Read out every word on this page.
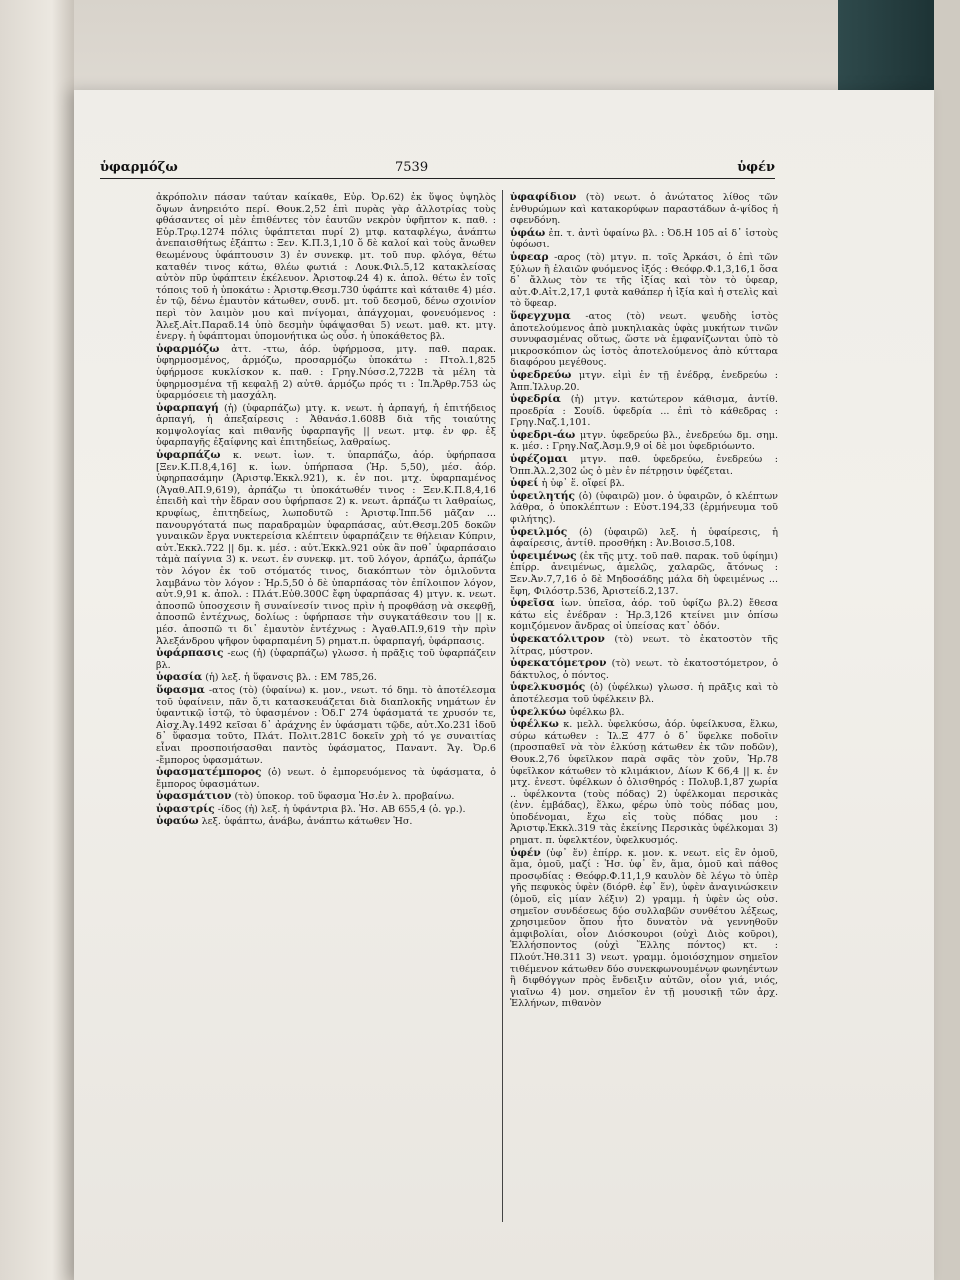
ὑφαρμόζω	7539	ὑφέν

ἀκρόπολιν πάσαν ταύταν καίκαθε, Εὐρ. Ὀρ.62) ἐκ ὕψος ὑψηλὸς ὄψων ἀνηρειότο περί. Θουκ.2,52 ἐπὶ πυρὰς γὰρ ἀλλοτρίας τοὺς φθάσαντες οἱ μὲν ἐπιθέντες τὸν ἑαυτῶν νεκρὸν ὑφῆπτον κ. παθ. : Εὐρ.Τρῳ.1274 πόλις ὑφάπτεται πυρί 2) μτφ. καταφλέγω, ἀνάπτω ἀνεπαισθήτως ἐξάπτω : Ξεν. Κ.Π.3,1,10 ὅ δὲ καλοί καὶ τοὺς ἄνωθεν θεωμένους ὑφάπτουσιν 3) ἐν συνεκφ. μτ. τοῦ πυρ. φλόγα, θέτω καταθέν τινος κάτω, θλέω φωτιά : Λουκ.Φιλ.5,12 κατακλείσας αὐτὸν πῦρ ὑφάπτειν ἐκέλευον. Ἀριστοφ.24 4) κ. ἀπολ. θέτω ἐν τοῖς τόποις τοῦ ἡ ὑποκάτω : Ἀριστφ.Θεσμ.730 ὑφάπτε καὶ κάταιθε 4) μέσ. ἐν τῷ, δένω ἐμαυτὸν κάτωθεν, συνδ. μτ. τοῦ δεσμοῦ, δένω σχοινίον περὶ τὸν λαιμὸν μου καὶ πνίγομαι, ἀπάγχομαι, φονευόμενος : Ἀλεξ.Αἰτ.Παραδ.14 ὑπὸ δεσμὴν ὑφάψασθαι 5) νεωτ. μαθ. κτ. μτγ. ἐνεργ. ἡ ὑφάπτομαι ὑπομονήτικα ὡς οὖσ. ἡ ὑποκάθετος βλ.

ὑφαρμόζω ἀττ. -ττω, ἀόρ. ὑφήρμοσα, μτγ. παθ. παρακ. ὑφηρμοσμένος, ἁρμόζω, προσαρμόζω ὑποκάτω : Πτολ.1,825 ὑφήρμοσε κυκλίσκον κ. παθ. : Γρηγ.Νύσσ.2,722Β τὰ μέλη τὰ ὑφηρμοσμένα τῇ κεφαλῇ 2) αὐτθ. ἁρμόζω πρός τι : Ἱπ.Ἄρθρ.753 ὡς ὑφαρμόσειε τὴ μασχάλη.

ὑφαρπαγή (ἡ) (ὑφαρπάζω) μτγ. κ. νεωτ. ἡ ἁρπαγή, ἡ ἐπιτήδειος ἁρπαγή, ἡ ἀπεξαίρεσις : Ἀθανάσ.1.608Β διὰ τῆς τοιαύτης κομψολογίας καὶ πιθανῆς ὑφαρπαγῆς || νεωτ. μτφ. ἐν φρ. ἐξ ὑφαρπαγῆς ἐξαίφνης καὶ ἐπιτηδείως, λαθραίως.

ὑφαρπάζω κ. νεωτ. ἰων. τ. ὑπαρπάζω, ἀόρ. ὑφήρπασα [Ξεν.Κ.Π.8,4,16] κ. ἰων. ὑπήρπασα (Ἡρ. 5,50), μέσ. ἀόρ. ὑφηρπασάμην (Ἀριστφ.Ἐκκλ.921), κ. ἐν ποι. μτχ. ὑφαρπαμένος (Ἀγαθ.ΑΠ.9,619), ἀρπάζω τι ὑποκάτωθέν τινος : Ξεν.Κ.Π.8,4,16 ἐπειδὴ καὶ τὴν ἕδραν σου ὑφήρπασε 2) κ. νεωτ. ἁρπάζω τι λαθραίως, κρυφίως, ἐπιτηδείως, λωποδυτῶ : Ἀριστφ.Ἱππ.56 μᾶζαν ... πανουργότατά πως παραδραμὼν ὑφαρπάσας, αὐτ.Θεσμ.205 δοκῶν γυναικῶν ἔργα νυκτερείσια κλέπτειν ὑφαρπάζειν τε θήλειαν Κύπριν, αὐτ.Ἐκκλ.722 || δμ. κ. μέσ. : αὐτ.Ἐκκλ.921 οὐκ ἂν ποθ᾽ ὑφαρπάσαιο τἀμὰ παίγνια 3) κ. νεωτ. ἐν συνεκφ. μτ. τοῦ λόγον, ἁρπάζω, ἁρπάζω τὸν λόγον ἐκ τοῦ στόματός τινος, διακόπτων τὸν ὁμιλοῦντα λαμβάνω τὸν λόγον : Ἡρ.5,50 ὁ δὲ ὑπαρπάσας τὸν ἐπίλοιπον λόγον, αὐτ.9,91 κ. ἀπολ. : Πλάτ.Εὐθ.300C ἔφη ὑφαρπάσας 4) μτγν. κ. νεωτ. ἀποσπῶ ὑποσχεσιν ἢ συναίνεσίν τινος πρὶν ἡ προφθάσῃ νὰ σκεφθῇ, ἀποσπῶ ἐντέχνως, δολίως : ὑφήρπασε τὴν συγκατάθεσιν του || κ. μέσ. ἀποσπῶ τι δι᾽ ἐμαυτὸν ἐντέχνως : Ἀγαθ.ΑΠ.9,619 τὴν πρὶν Ἀλεξάνδρου ψῆφον ὑφαρπαμένη 5) ρηματ.π. ὑφαρπαγή, ὑφάρπασις.

ὑφάρπασις -εως (ἡ) (ὑφαρπάζω) γλωσσ. ἡ πρᾶξις τοῦ ὑφαρπάζειν βλ.

ὑφασία (ἡ) λεξ. ἡ ὕφανσις βλ. : ΕΜ 785,26.

ὕφασμα -ατος (τὸ) (ὑφαίνω) κ. μον., νεωτ. τό δημ. τὸ ἀποτέλεσμα τοῦ ὑφαίνειν, πᾶν ὅ,τι κατασκευάζεται διὰ διαπλοκῆς νημάτων ἐν ὑφαντικῷ ἱστῷ, τὸ ὑφασμένον : Ὀδ.Γ 274 ὑφάσματά τε χρυσόν τε, Αἰσχ.Ἀγ.1492 κεῖσαι δ᾽ ἀράχνης ἐν ὑφάσματι τῷδε, αὐτ.Χο.231 ἰδοῦ δ᾽ ὕφασμα τοῦτο, Πλάτ. Πολιτ.281C δοκεῖν χρὴ τό γε συναιτίας εἶναι προσποιήσασθαι παντὸς ὑφάσματος, Παναντ. Ἄγ. Ὀρ.6 -ἔμπορος ὑφασμάτων.

ὑφασματέμπορος (ὁ) νεωτ. ὁ ἐμπορευόμενος τὰ ὑφάσματα, ὁ ἔμπορος ὑφασμάτων.

ὑφασμάτιον (τὸ) ὑποκορ. τοῦ ὕφασμα Ἡσ.ἐν λ. προβαίνω.

ὑφαστρίς -ίδος (ἡ) λεξ. ἡ ὑφάντρια βλ. Ἡσ. ΑΒ 655,4 (ὁ. γρ.).

ὑφαύω λεξ. ὑφάπτω, ἀνάβω, ἀνάπτω κάτωθεν Ἡσ.

ὑφαφίδιον (τὸ) νεωτ. ὁ ἀνώτατος λίθος τῶν ἐνθυρώμων καὶ κατακορύφων παραστάδων ἀ-ψίδος ἡ σφενδόνη.

ὑφάω ἐπ. τ. ἀντὶ ὑφαίνω βλ. : Ὀδ.Η 105 αἱ δ᾽ ἱστοὺς ὑφόωσι.

ὑφεαρ -αρος (τὸ) μτγν. π. τοῖς Ἀρκάσι, ὁ ἐπὶ τῶν ξύλων ἢ ἐλαιῶν φυόμενος ἰξός : Θεόφρ.Φ.1,3,16,1 ὅσα δ᾽ ἄλλως τὸν τε τῆς ἰξίας καὶ τὸν τὸ ὑφεαρ, αὐτ.Φ.Αἰτ.2,17,1 φυτὰ καθάπερ ἡ ἰξία καὶ ἡ στελὶς καὶ τὸ ὕφεαρ.

ὕφεγχυμα -ατος (τὸ) νεωτ. ψευδὴς ἱστὸς ἀποτελούμενος ἀπὸ μυκηλιακὰς ὑφὰς μυκήτων τινῶν συνυφασμένας οὕτως, ὥστε νὰ ἐμφανίζωνται ὑπὸ τὸ μικροσκόπιον ὡς ἱστὸς ἀποτελούμενος ἀπὸ κύτταρα διαφόρου μεγέθους.

ὑφεδρεύω μτγν. εἰμὶ ἐν τῇ ἐνέδρᾳ, ἐνεδρεύω : Ἀππ.Ἰλλυρ.20.

ὑφεδρία (ἡ) μτγν. κατώτερον κάθισμα, ἀντίθ. προεδρία : Σουίδ. ὑφεδρία ... ἐπὶ τὸ κάθεδρας : Γρηγ.Ναζ.1,101.

ὑφεδρι-άω μτγν. ὑφεδρεύω βλ., ἐνεδρεύω δμ. σημ. κ. μέσ. : Γρηγ.Ναζ.Ἀσμ.9,9 οἱ δὲ μοι ὑφεδριόωντο.

ὑφέζομαι μτγν. παθ. ὑφεδρεύω, ἐνεδρεύω : Ὀππ.Ἁλ.2,302 ὡς ὁ μὲν ἐν πέτρῃσιν ὑφέζεται.

ὑφεί ἡ ὑφ᾽ ἕ. οἴφεί βλ.

ὑφειλητής (ὁ) (ὑφαιρῶ) μον. ὁ ὑφαιρῶν, ὁ κλέπτων λάθρα, ὁ ὑποκλέπτων : Εὐστ.194,33 (ἑρμήνευμα τοῦ φιλήτης).

ὑφειλμός (ὁ) (ὑφαιρῶ) λεξ. ἡ ὑφαίρεσις, ἡ ἀφαίρεσις, ἀντίθ. προσθήκη : Ἀν.Βοισσ.5,108.

ὑφειμένως (ἐκ τῆς μτχ. τοῦ παθ. παρακ. τοῦ ὑφίημι) ἐπίρρ. ἀνειμένως, ἀμελῶς, χαλαρῶς, ἄτόνως : Ξεν.Ἀν.7,7,16 ὁ δὲ Μηδοσάδης μάλα δὴ ὑφειμένως ... ἔφη, Φιλόστρ.536, Ἀριστείδ.2,137.

ὑφεῖσα ἰων. ὑπεῖσα, ἀόρ. τοῦ ὑφίζω βλ.2) ἔθεσα κάτω εἰς ἐνέδραν : Ἡρ.3,126 κτείνει μιν ὀπίσω κομιζόμενον ἄνδρας οἱ ὑπείσας κατ᾽ ὁδόν.

ὑφεκατόλιτρον (τὸ) νεωτ. τὸ ἑκατοστὸν τῆς λίτρας, μύστρον.

ὑφεκατόμετρον (τὸ) νεωτ. τὸ ἑκατοστόμετρον, ὁ δάκτυλος, ὁ πόντος.

ὑφελκυσμός (ὁ) (ὑφέλκω) γλωσσ. ἡ πρᾶξις καὶ τὸ ἀποτέλεσμα τοῦ ὑφέλκειν βλ.

ὑφελκύω ὑφέλκω βλ.

ὑφέλκω κ. μελλ. ὑφελκύσω, ἀόρ. ὑφείλκυσα, ἕλκω, σύρω κάτωθεν : Ἰλ.Ξ 477 ὁ δ᾽ ὕφελκε ποδοῖιν (προσπαθεῖ νὰ τὸν ἑλκύσῃ κάτωθεν ἐκ τῶν ποδῶν), Θουκ.2,76 ὑφεῖλκον παρὰ σφᾶς τὸν χοῦν, Ἡρ.78 ὑφεῖλκον κάτωθεν τὸ κλιμάκιον, Δίων Κ 66,4 || κ. ἐν μτχ. ἐνεστ. ὑφέλκων ὁ ὀλισθηρός : Πολυβ.1,87 χωρία .. ὑφέλκοντα (τοὺς πόδας) 2) ὑφέλκομαι περσικὰς (ἐνν. ἐμβάδας), ἕλκω, φέρω ὑπὸ τοὺς πόδας μου, ὑποδένομαι, ἔχω εἰς τοὺς πόδας μου : Ἀριστφ.Ἐκκλ.319 τὰς ἐκείνης Περσικὰς ὑφέλκομαι 3) ρηματ. π. ὑφελκτέον, ὑφελκυσμός.

ὑφέν (ὑφ᾽ ἕν) ἐπίρρ. κ. μον. κ. νεωτ. εἰς ἓν ὁμοῦ, ἅμα, ὁμοῦ, μαζί : Ἡσ. ὑφ᾽ ἕν, ἅμα, ὁμοῦ καὶ πάθος προσῳδίας : Θεόφρ.Φ.11,1,9 καυλὸν δὲ λέγω τὸ ὑπὲρ γῆς πεφυκὸς ὑφὲν (διόρθ. ἐφ᾽ ἕν), ὑφὲν ἀναγινώσκειν (ὁμοῦ, εἰς μίαν λέξιν) 2) γραμμ. ἡ ὑφὲν ὡς οὐσ. σημεῖον συνδέσεως δύο συλλαβῶν συνθέτου λέξεως, χρησιμεῦον ὅπου ἦτο δυνατὸν νὰ γεννηθοῦν ἀμφιβολίαι, οἷον Διόσκουροι (οὐχὶ Διὸς κοῦροι), Ἑλλήσποντος (οὐχὶ Ἕλλης πόντος) κτ. : Πλούτ.Ἠθ.311 3) νεωτ. γραμμ. ὁμοιόσχημον σημεῖον τιθέμενον κάτωθεν δύο συνεκφωνουμένων φωνηέντων ἢ διφθόγγων πρὸς ἔνδειξιν αὐτῶν, οἷον γιά, νιός, γιαῖνω 4) μον. σημεῖον ἐν τῇ μουσικῇ τῶν ἀρχ. Ἑλλήνων, πιθανὸν
